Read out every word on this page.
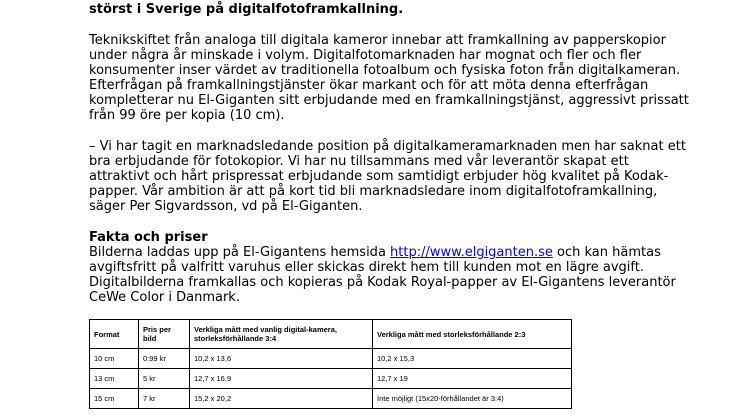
störst i Sverige på digitalfotoframkallning.

Teknikskiftet från analoga till digitala kameror innebar att framkallning av papperskopior under några år minskade i volym. Digitalfotomarknaden har mognat och fler och fler konsumenter inser värdet av traditionella fotoalbum och fysiska foton från digitalkameran. Efterfrågan på framkallningstjänster ökar markant och för att möta denna efterfrågan kompletterar nu El-Giganten sitt erbjudande med en framkallningstjänst, aggressivt prissatt från 99 öre per kopia (10 cm).

– Vi har tagit en marknadsledande position på digitalkameramarknaden men har saknat ett bra erbjudande för fotokopior. Vi har nu tillsammans med vår leverantör skapat ett attraktivt och hårt prispressat erbjudande som samtidigt erbjuder hög kvalitet på Kodak-papper. Vår ambition är att på kort tid bli marknadsledare inom digitalfotoframkallning, säger Per Sigvardsson, vd på El-Giganten.

Fakta och priser

Bilderna laddas upp på El-Gigantens hemsida http://www.elgiganten.se och kan hämtas avgiftsfritt på valfritt varuhus eller skickas direkt hem till kunden mot en lägre avgift. Digitalbilderna framkallas och kopieras på Kodak Royal-papper av El-Gigantens leverantör CeWe Color i Danmark.

Format	Pris per bild	Verkliga mått med vanlig digital-kamera, storleksförhållande 3:4	Verkliga mått med storleksförhållande 2:3
10 cm	0:99 kr	10,2 x 13,6	10,2 x 15,3
13 cm	5 kr	12,7 x 16,9	12,7 x 19
15 cm	7 kr	15,2 x 20,2	Inte möjligt (15x20-förhållandet är 3:4)
